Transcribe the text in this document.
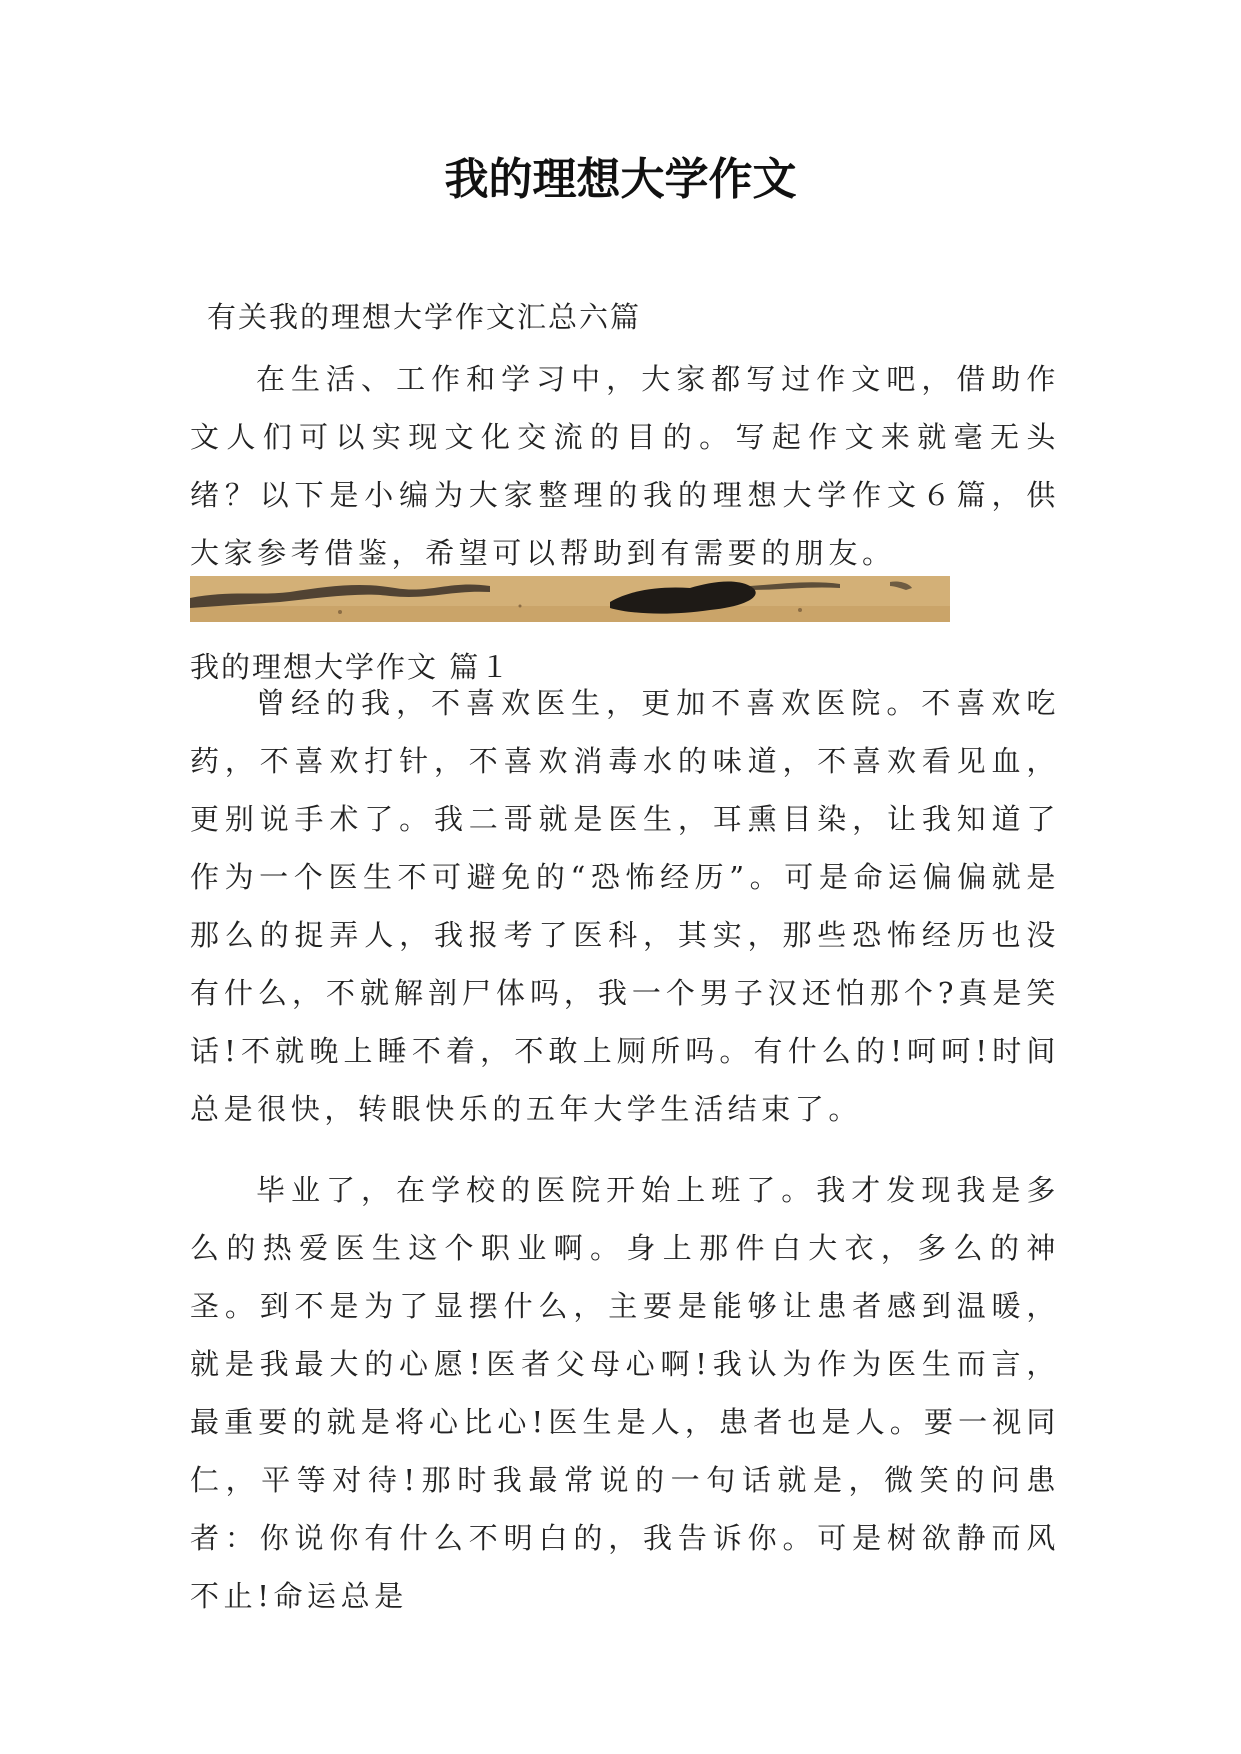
我的理想大学作文

有关我的理想大学作文汇总六篇

在生活、工作和学习中，大家都写过作文吧，借助作文人们可以实现文化交流的目的。写起作文来就毫无头绪？以下是小编为大家整理的我的理想大学作文６篇，供大家参考借鉴，希望可以帮助到有需要的朋友。

我的理想大学作文 篇１

曾经的我，不喜欢医生，更加不喜欢医院。不喜欢吃药，不喜欢打针，不喜欢消毒水的味道，不喜欢看见血，更别说手术了。我二哥就是医生，耳熏目染，让我知道了作为一个医生不可避免的“恐怖经历”。可是命运偏偏就是那么的捉弄人，我报考了医科，其实，那些恐怖经历也没有什么，不就解剖尸体吗，我一个男子汉还怕那个?真是笑话!不就晚上睡不着，不敢上厕所吗。有什么的!呵呵!时间总是很快，转眼快乐的五年大学生活结束了。

毕业了，在学校的医院开始上班了。我才发现我是多么的热爱医生这个职业啊。身上那件白大衣，多么的神圣。到不是为了显摆什么，主要是能够让患者感到温暖，就是我最大的心愿!医者父母心啊!我认为作为医生而言，最重要的就是将心比心!医生是人，患者也是人。要一视同仁，平等对待!那时我最常说的一句话就是，微笑的问患者：你说你有什么不明白的，我告诉你。可是树欲静而风不止!命运总是
